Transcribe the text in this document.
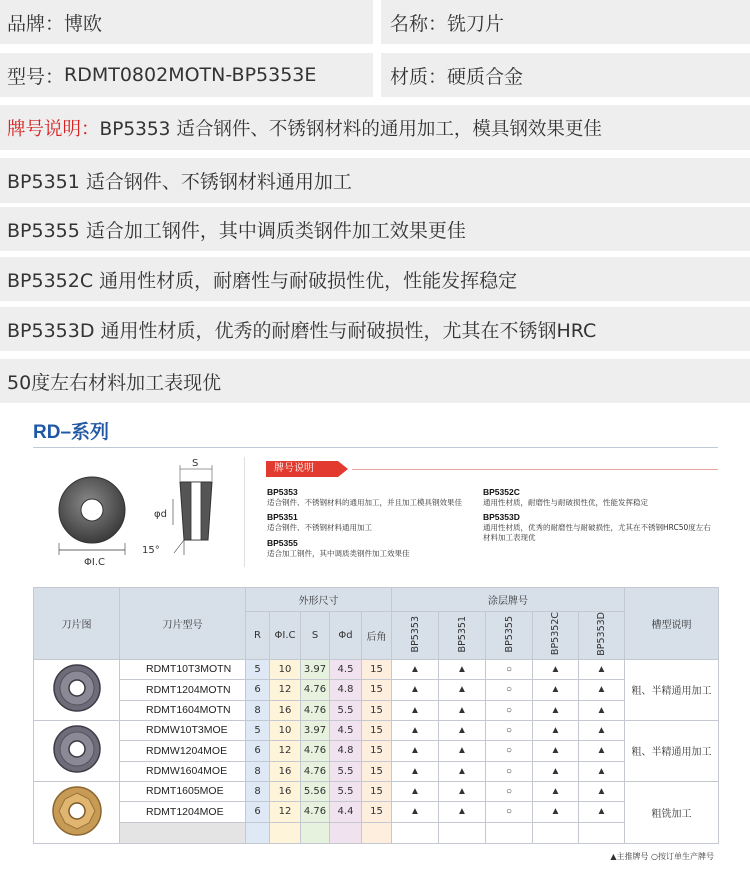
品牌： 博欧	名称： 铣刀片
型号： RDMT0802MOTN-BP5353E	材质： 硬质合金
牌号说明： BP5353 适合钢件、不锈钢材料的通用加工，模具钢效果更佳
BP5351 适合钢件、不锈钢材料通用加工
BP5355 适合加工钢件，其中调质类钢件加工效果更佳
BP5352C 通用性材质，耐磨性与耐破损性优，性能发挥稳定
BP5353D 通用性材质，优秀的耐磨性与耐破损性，尤其在不锈钢HRC
50度左右材料加工表现优
RD–系列
ΦI.C
S
φd
15°
牌号说明
BP5353
适合钢件、不锈钢材料的通用加工，并且加工模具钢效果佳
BP5351
适合钢件、不锈钢材料通用加工
BP5355
适合加工钢件，其中调质类钢件加工效果佳
BP5352C
通用性材质，耐磨性与耐破损性优，性能发挥稳定
BP5353D
通用性材质，优秀的耐磨性与耐破损性，尤其在不锈钢HRC50度左右
材料加工表现优
刀片图	刀片型号	外形尺寸					涂层牌号					槽型说明
		R	ΦI.C	S	Φd	后角	BP5353	BP5351	BP5355	BP5352C	BP5353D	
	RDMT10T3MOTN	5	10	3.97	4.5	15	▲	▲	○	▲	▲	粗、半精通用加工
	RDMT1204MOTN	6	12	4.76	4.8	15	▲	▲	○	▲	▲	
	RDMT1604MOTN	8	16	4.76	5.5	15	▲	▲	○	▲	▲	
	RDMW10T3MOE	5	10	3.97	4.5	15	▲	▲	○	▲	▲	粗、半精通用加工
	RDMW1204MOE	6	12	4.76	4.8	15	▲	▲	○	▲	▲	
	RDMW1604MOE	8	16	4.76	5.5	15	▲	▲	○	▲	▲	
	RDMT1605MOE	8	16	5.56	5.5	15	▲	▲	○	▲	▲	粗铣加工
	RDMT1204MOE	6	12	4.76	4.4	15	▲	▲	○	▲	▲	

▲主推牌号 ○按订单生产牌号
